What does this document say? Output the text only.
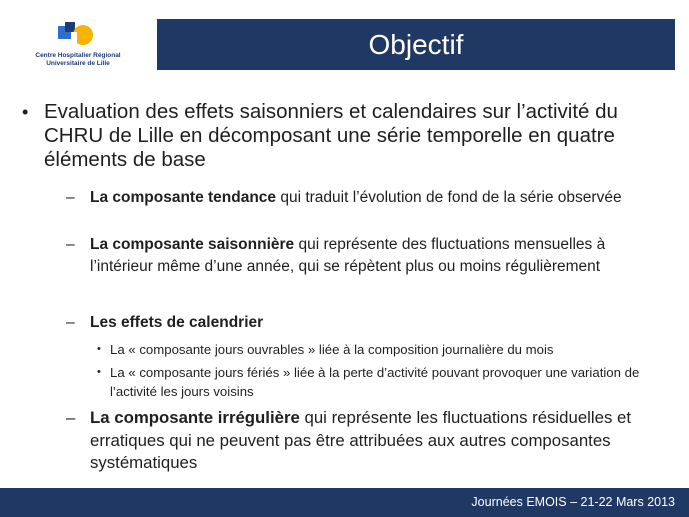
Centre Hospitalier Régional
Universitaire de Lille
Objectif
• Evaluation des effets saisonniers et calendaires sur l’activité du CHRU de Lille en décomposant une série temporelle en quatre éléments de base
– La composante tendance qui traduit l’évolution de fond de la série observée
– La composante saisonnière qui représente des fluctuations mensuelles à l’intérieur même d’une année, qui se répètent plus ou moins régulièrement
– Les effets de calendrier
• La « composante jours ouvrables » liée à la composition journalière du mois
• La « composante jours fériés » liée à la perte d’activité pouvant provoquer une variation de l’activité les jours voisins
– La composante irrégulière qui représente les fluctuations résiduelles et erratiques qui ne peuvent pas être attribuées aux autres composantes systématiques
Journées EMOIS – 21-22 Mars 2013
